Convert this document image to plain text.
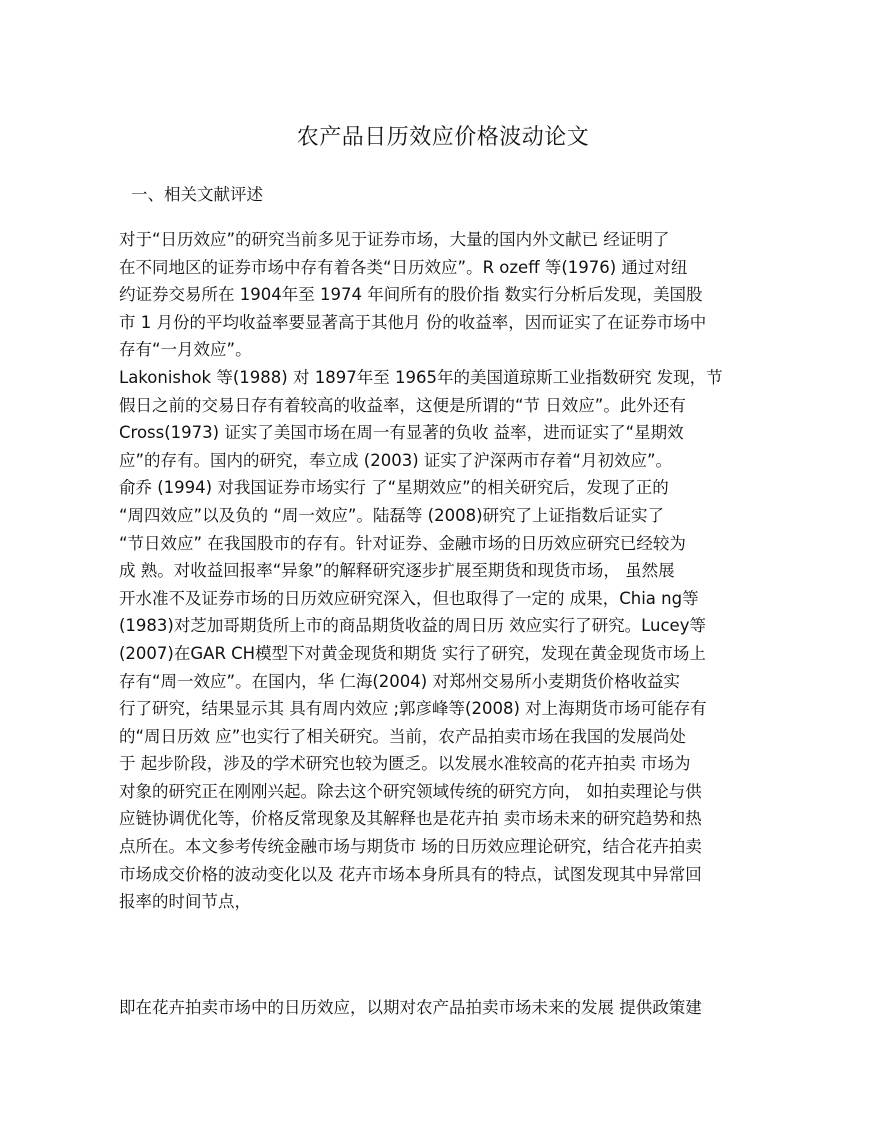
农产品日历效应价格波动论文
一、相关文献评述

对于“日历效应”的研究当前多见于证券市场，大量的国内外文献已 经证明了
在不同地区的证券市场中存有着各类“日历效应”。R ozeff 等(1976) 通过对纽
约证券交易所在 1904年至 1974 年间所有的股价指 数实行分析后发现，美国股
市 1 月份的平均收益率要显著高于其他月 份的收益率，因而证实了在证券市场中
存有“一月效应”。
Lakonishok 等(1988) 对 1897年至 1965年的美国道琼斯工业指数研究 发现，节
假日之前的交易日存有着较高的收益率，这便是所谓的“节 日效应”。此外还有
Cross(1973) 证实了美国市场在周一有显著的负收 益率，进而证实了“星期效
应”的存有。国内的研究，奉立成 (2003) 证实了沪深两市存着“月初效应”。
俞乔 (1994) 对我国证券市场实行 了“星期效应”的相关研究后，发现了正的
“周四效应”以及负的 “周一效应”。陆磊等 (2008)研究了上证指数后证实了
“节日效应” 在我国股市的存有。针对证券、金融市场的日历效应研究已经较为
成 熟。对收益回报率“异象”的解释研究逐步扩展至期货和现货市场， 虽然展
开水准不及证券市场的日历效应研究深入，但也取得了一定的 成果，Chia ng等
(1983)对芝加哥期货所上市的商品期货收益的周日历 效应实行了研究。Lucey等
(2007)在GAR CH模型下对黄金现货和期货 实行了研究，发现在黄金现货市场上
存有“周一效应”。在国内，华 仁海(2004) 对郑州交易所小麦期货价格收益实
行了研究，结果显示其 具有周内效应 ;郭彦峰等(2008) 对上海期货市场可能存有
的“周日历效 应”也实行了相关研究。当前，农产品拍卖市场在我国的发展尚处
于 起步阶段，涉及的学术研究也较为匮乏。以发展水准较高的花卉拍卖 市场为
对象的研究正在刚刚兴起。除去这个研究领域传统的研究方向， 如拍卖理论与供
应链协调优化等，价格反常现象及其解释也是花卉拍 卖市场未来的研究趋势和热
点所在。本文参考传统金融市场与期货市 场的日历效应理论研究，结合花卉拍卖
市场成交价格的波动变化以及 花卉市场本身所具有的特点，试图发现其中异常回
报率的时间节点，

即在花卉拍卖市场中的日历效应，以期对农产品拍卖市场未来的发展 提供政策建
